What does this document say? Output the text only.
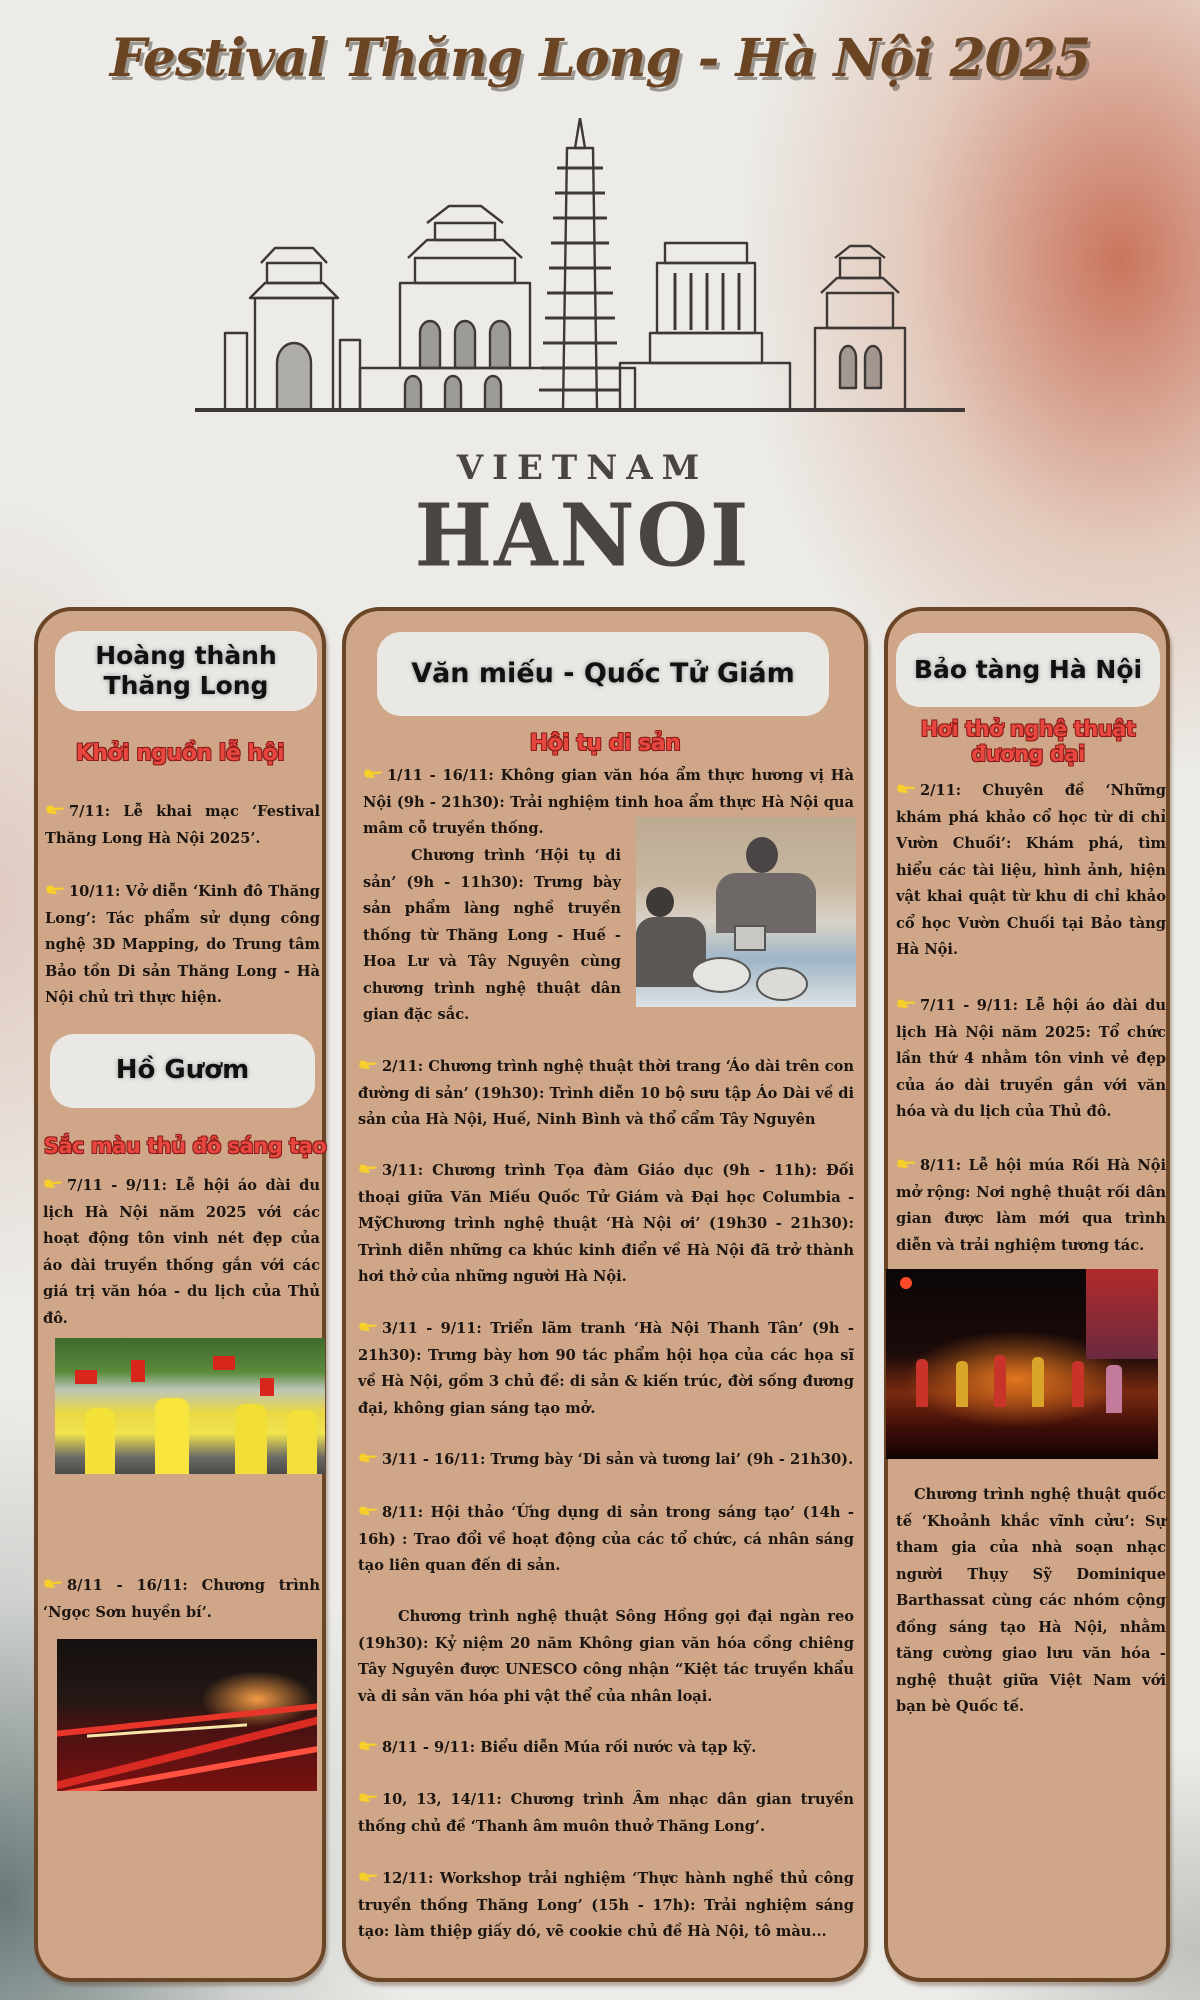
Festival Thăng Long - Hà Nội 2025
VIETNAM
HANOI
Hoàng thành Thăng Long
Khởi nguồn lễ hội
7/11: Lễ khai mạc ‘Festival Thăng Long Hà Nội 2025’.
10/11: Vở diễn ‘Kinh đô Thăng Long’: Tác phẩm sử dụng công nghệ 3D Mapping, do Trung tâm Bảo tồn Di sản Thăng Long - Hà Nội chủ trì thực hiện.
Hồ Gươm
Sắc màu thủ đô sáng tạo
7/11 - 9/11: Lễ hội áo dài du lịch Hà Nội năm 2025 với các hoạt động tôn vinh nét đẹp của áo dài truyền thống gắn với các giá trị văn hóa - du lịch của Thủ đô.
8/11 - 16/11: Chương trình ‘Ngọc Sơn huyền bí’.
Văn miếu - Quốc Tử Giám
Hội tụ di sản
1/11 - 16/11: Không gian văn hóa ẩm thực hương vị Hà Nội (9h - 21h30): Trải nghiệm tinh hoa ẩm thực Hà Nội qua mâm cỗ truyền thống.
Chương trình ‘Hội tụ di sản’ (9h - 11h30): Trưng bày sản phẩm làng nghề truyền thống từ Thăng Long - Huế - Hoa Lư và Tây Nguyên cùng chương trình nghệ thuật dân gian đặc sắc.
2/11: Chương trình nghệ thuật thời trang ‘Áo dài trên con đường di sản’ (19h30): Trình diễn 10 bộ sưu tập Áo Dài về di sản của Hà Nội, Huế, Ninh Bình và thổ cẩm Tây Nguyên
3/11: Chương trình Tọa đàm Giáo dục (9h - 11h): Đối thoại giữa Văn Miếu Quốc Tử Giám và Đại học Columbia - Mỹ.
Chương trình nghệ thuật ‘Hà Nội ơi’ (19h30 - 21h30): Trình diễn những ca khúc kinh điển về Hà Nội đã trở thành hơi thở của những người Hà Nội.
3/11 - 9/11: Triển lãm tranh ‘Hà Nội Thanh Tân’ (9h - 21h30): Trưng bày hơn 90 tác phẩm hội họa của các họa sĩ về Hà Nội, gồm 3 chủ đề: di sản & kiến trúc, đời sống đương đại, không gian sáng tạo mở.
3/11 - 16/11: Trưng bày ‘Di sản và tương lai’ (9h - 21h30).
8/11: Hội thảo ‘Ứng dụng di sản trong sáng tạo’ (14h - 16h) : Trao đổi về hoạt động của các tổ chức, cá nhân sáng tạo liên quan đến di sản.
Chương trình nghệ thuật Sông Hồng gọi đại ngàn reo (19h30): Kỷ niệm 20 năm Không gian văn hóa cồng chiêng Tây Nguyên được UNESCO công nhận “Kiệt tác truyền khẩu và di sản văn hóa phi vật thể của nhân loại.
8/11 - 9/11: Biểu diễn Múa rối nước và tạp kỹ.
10, 13, 14/11: Chương trình Âm nhạc dân gian truyền thống chủ đề ‘Thanh âm muôn thuở Thăng Long’.
12/11: Workshop trải nghiệm ‘Thực hành nghề thủ công truyền thống Thăng Long’ (15h - 17h): Trải nghiệm sáng tạo: làm thiệp giấy dó, vẽ cookie chủ đề Hà Nội, tô màu...
Bảo tàng Hà Nội
Hơi thở nghệ thuật đương đại
2/11: Chuyên đề ‘Những khám phá khảo cổ học từ di chỉ Vườn Chuối’: Khám phá, tìm hiểu các tài liệu, hình ảnh, hiện vật khai quật từ khu di chỉ khảo cổ học Vườn Chuối tại Bảo tàng Hà Nội.
7/11 - 9/11: Lễ hội áo dài du lịch Hà Nội năm 2025: Tổ chức lần thứ 4 nhằm tôn vinh vẻ đẹp của áo dài truyền gắn với văn hóa và du lịch của Thủ đô.
8/11: Lễ hội múa Rối Hà Nội mở rộng: Nơi nghệ thuật rối dân gian được làm mới qua trình diễn và trải nghiệm tương tác.
Chương trình nghệ thuật quốc tế ‘Khoảnh khắc vĩnh cửu’: Sự tham gia của nhà soạn nhạc người Thụy Sỹ Dominique Barthassat cùng các nhóm cộng đồng sáng tạo Hà Nội, nhằm tăng cường giao lưu văn hóa - nghệ thuật giữa Việt Nam với bạn bè Quốc tế.
